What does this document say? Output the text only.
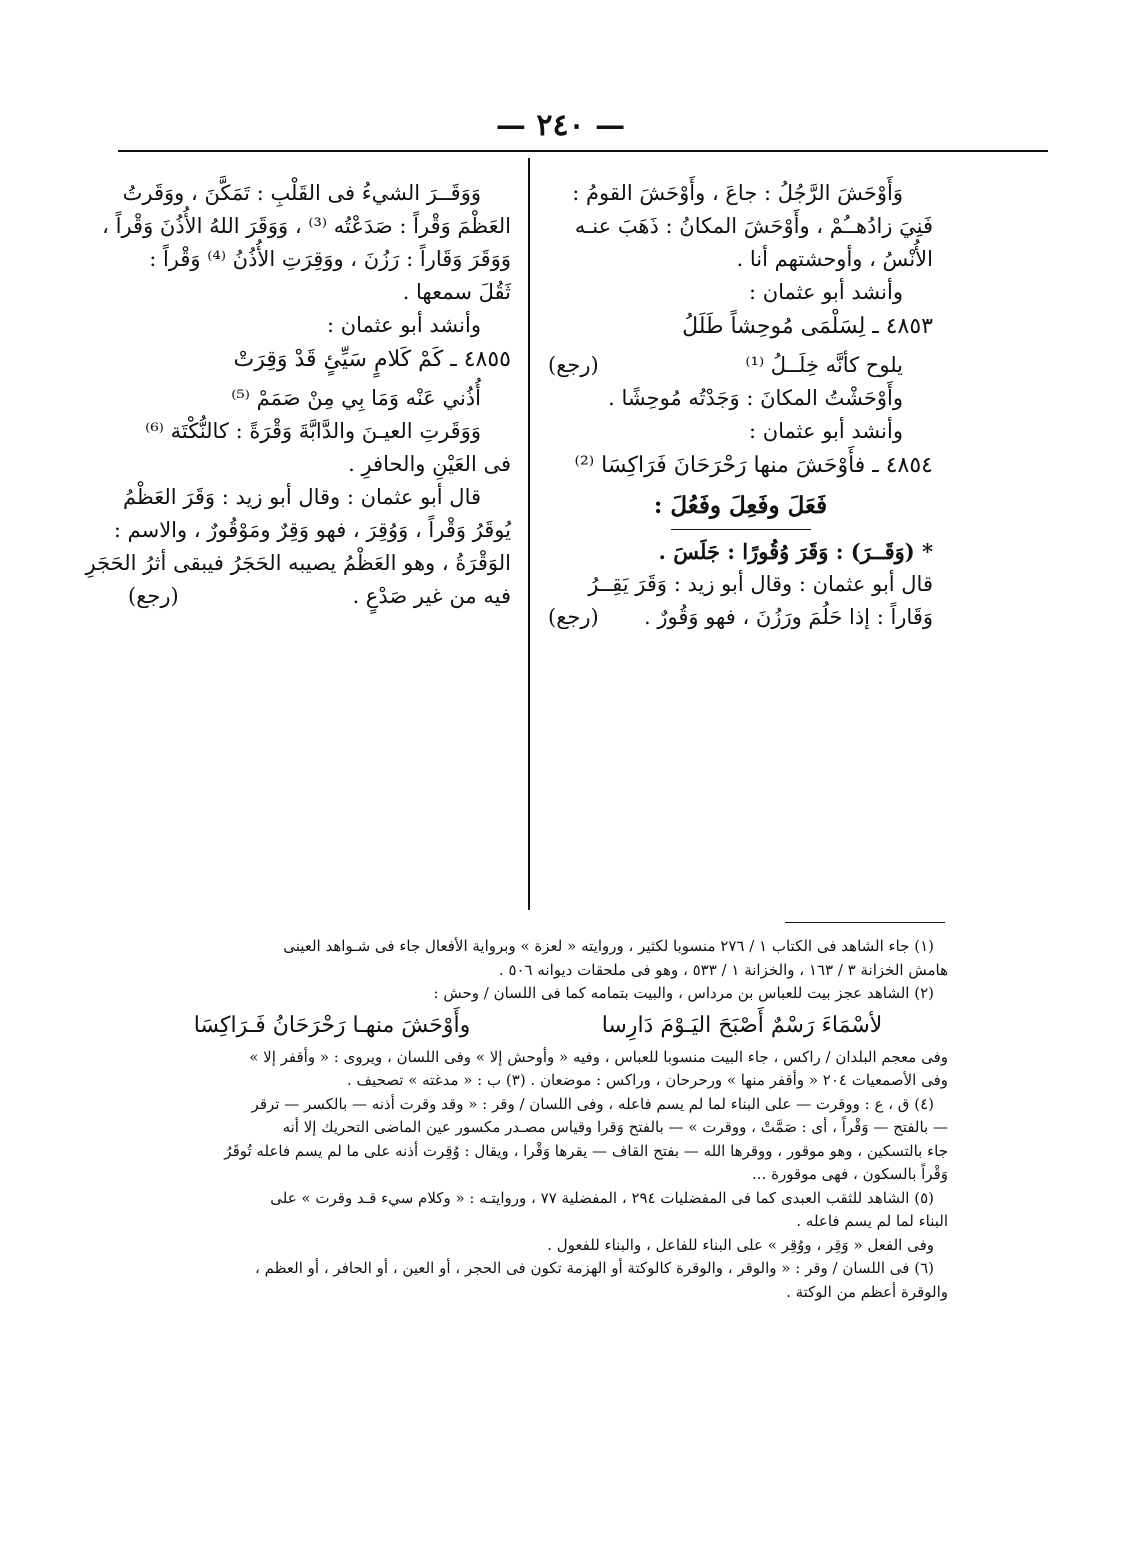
— ٢٤٠ —
وَأَوْحَشَ الرَّجُلُ : جاعَ ، وأَوْحَشَ القومُ :
فَنِيَ زادُهــُمْ ، وأَوْحَشَ المكانُ : ذَهَبَ عنـه
الأُنْسُ ، وأوحشتهم أنا .
وأنشد أبو عثمان :
٤٨٥٣ ـ لِسَلْمَى مُوحِشاً طَلَلُ
يلوح كأنَّه خِلَــلُ ⁽¹⁾
(رجع)
وأَوْحَشْتُ المكانَ : وَجَدْتُه مُوحِشًا .
وأنشد أبو عثمان :
٤٨٥٤ ـ فأَوْحَشَ منها رَحْرَحَانَ فَرَاكِسَا ⁽²⁾
فَعَلَ وفَعِلَ وفَعُلَ :
* (وَقَــرَ) : وَقَرَ وُقُورًا : جَلَسَ .
قال أبو عثمان : وقال أبو زيد : وَقَرَ يَقِــرُ
وَقَاراً : إذا حَلُمَ ورَزُنَ ، فهو وَقُورٌ .
(رجع)
وَوَقَــرَ الشيءُ فى القَلْبِ : تَمَكَّنَ ، ووَقَرتُ
العَظْمَ وَقْراً : صَدَعْتُه ⁽³⁾ ، وَوَقَرَ اللهُ الأُذُنَ وَقْراً ،
وَوَقَرَ وَقَاراً : رَزُنَ ، ووَقِرَتِ الأُذُنُ ⁽⁴⁾ وَقْراً :
ثَقُلَ سمعها .
وأنشد أبو عثمان :
٤٨٥٥ ـ كَمْ كَلامٍ سَيِّئٍ قَدْ وَقِرَتْ
أُذُني عَنْه وَمَا بِي مِنْ صَمَمْ ⁽⁵⁾
وَوَقَرتِ العيـنَ والدَّابَّةَ وَقْرَةً : كالنُّكْتَة ⁽⁶⁾
فى العَيْنِ والحافرِ .
قال أبو عثمان : وقال أبو زيد : وَقَرَ العَظْمُ
يُوقَرُ وَقْراً ، وَوُقِرَ ، فهو وَقِرٌ ومَوْقُورٌ ، والاسم :
الوَقْرَةُ ، وهو العَظْمُ يصيبه الحَجَرُ فيبقى أثرُ الحَجَرِ
فيه من غير صَدْعٍ .
(رجع)
(١) جاء الشاهد فى الكتاب ١ / ٢٧٦ منسوبا لكثير ، وروايته « لعزة » وبرواية الأفعال جاء فى شـواهد العينى
هامش الخزانة ٣ / ١٦٣ ، والخزانة ١ / ٥٣٣ ، وهو فى ملحقات ديوانه ٥٠٦ .
(٢) الشاهد عجز بيت للعباس بن مرداس ، والبيت بتمامه كما فى اللسان / وحش :
لأسْمَاءَ رَسْمٌ أَصْبَحَ اليَـوْمَ دَارِسا
وأَوْحَشَ منهـا رَحْرَحَانُ فَـرَاكِسَا
وفى معجم البلدان / راكس ، جاء البيت منسوبا للعباس ، وفيه « وأوحش إلا » وفى اللسان ، ويروى : « وأقفر إلا »
وفى الأصمعيات ٢٠٤ « وأقفر منها » ورحرحان ، وراكس : موضعان . (٣) ب : « مدغته » تصحيف .
(٤) ق ، ع : ووقرت — على البناء لما لم يسم فاعله ، وفى اللسان / وقر : « وقد وقرت أذنه — بالكسر — ترقر
— بالفتح — وَقْراً ، أى : صَمَّتْ ، ووقرت » — بالفتح وَقرا وقياس مصـدر مكسور عين الماضى التحريك إلا أنه
جاء بالتسكين ، وهو موقور ، ووقرها الله — بفتح القاف — يقرها وَقْرا ، ويقال : وُقِرت أذنه على ما لم يسم فاعله تُوقَرُ
وَقْراً بالسكون ، فهى موقورة ...
(٥) الشاهد للثقب العبدى كما فى المفضليات ٢٩٤ ، المفضلية ٧٧ ، وروايتـه : « وكلام سيء قـد وقرت » على
البناء لما لم يسم فاعله .
وفى الفعل « وَقِر ، ووُقِر » على البناء للفاعل ، والبناء للفعول .
(٦) فى اللسان / وقر : « والوقر ، والوقرة كالوكتة أو الهزمة تكون فى الحجر ، أو العين ، أو الحافر ، أو العظم ،
والوقرة أعظم من الوكتة .
